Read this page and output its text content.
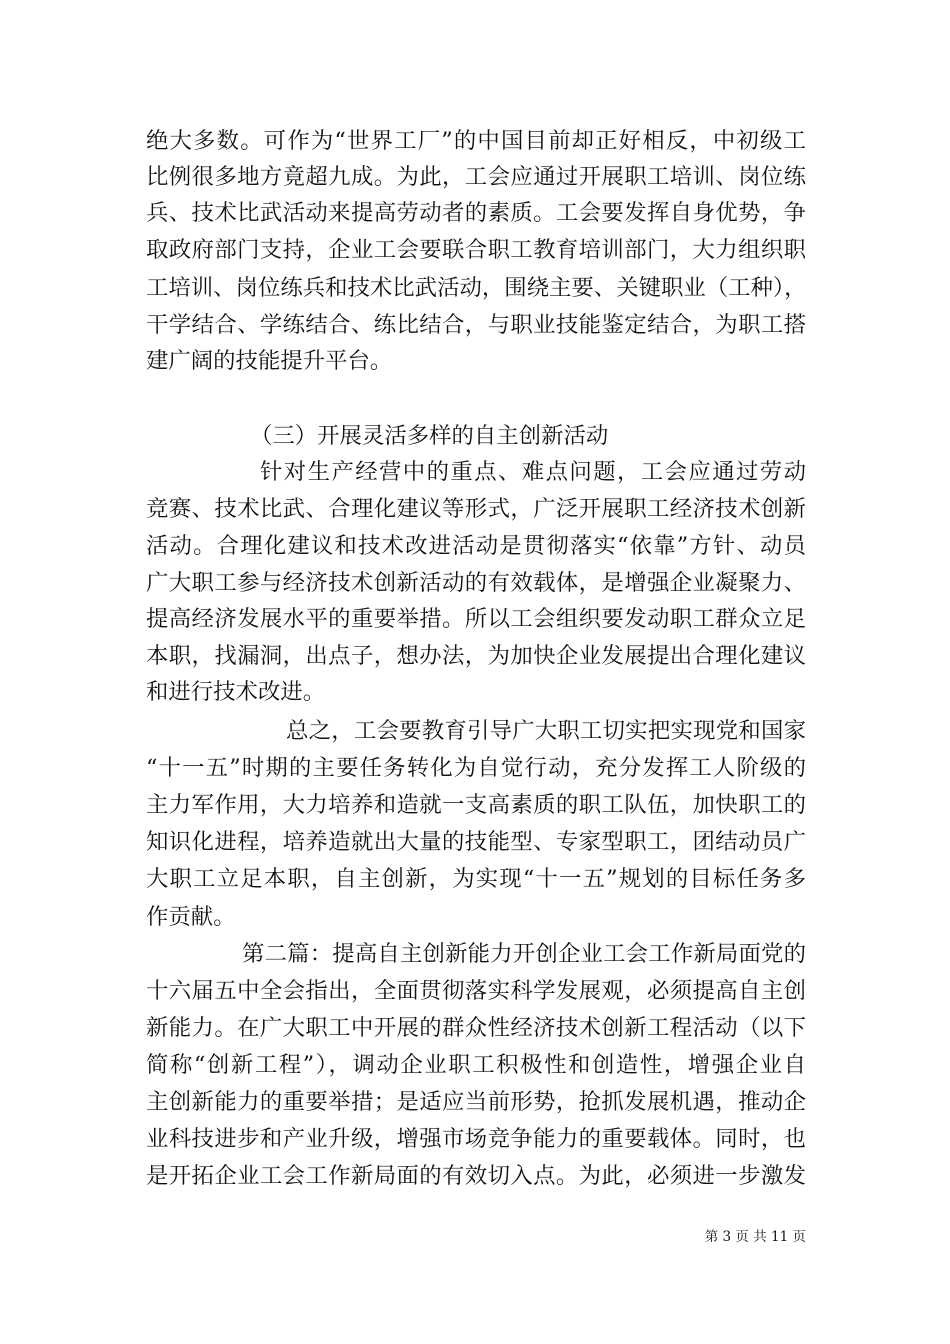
绝大多数。可作为“世界工厂”的中国目前却正好相反，中初级工
比例很多地方竟超九成。为此，工会应通过开展职工培训、岗位练
兵、技术比武活动来提高劳动者的素质。工会要发挥自身优势，争
取政府部门支持，企业工会要联合职工教育培训部门，大力组织职
工培训、岗位练兵和技术比武活动，围绕主要、关键职业（工种），
干学结合、学练结合、练比结合，与职业技能鉴定结合，为职工搭
建广阔的技能提升平台。
（三）开展灵活多样的自主创新活动
针对生产经营中的重点、难点问题，工会应通过劳动
竞赛、技术比武、合理化建议等形式，广泛开展职工经济技术创新
活动。合理化建议和技术改进活动是贯彻落实“依靠”方针、动员
广大职工参与经济技术创新活动的有效载体，是增强企业凝聚力、
提高经济发展水平的重要举措。所以工会组织要发动职工群众立足
本职，找漏洞，出点子，想办法，为加快企业发展提出合理化建议
和进行技术改进。
总之，工会要教育引导广大职工切实把实现党和国家
“十一五”时期的主要任务转化为自觉行动，充分发挥工人阶级的
主力军作用，大力培养和造就一支高素质的职工队伍，加快职工的
知识化进程，培养造就出大量的技能型、专家型职工，团结动员广
大职工立足本职，自主创新，为实现“十一五”规划的目标任务多
作贡献。
第二篇：提高自主创新能力开创企业工会工作新局面党的
十六届五中全会指出，全面贯彻落实科学发展观，必须提高自主创
新能力。在广大职工中开展的群众性经济技术创新工程活动（以下
简称“创新工程”），调动企业职工积极性和创造性，增强企业自
主创新能力的重要举措；是适应当前形势，抢抓发展机遇，推动企
业科技进步和产业升级，增强市场竞争能力的重要载体。同时，也
是开拓企业工会工作新局面的有效切入点。为此，必须进一步激发
第 3 页 共 11 页
